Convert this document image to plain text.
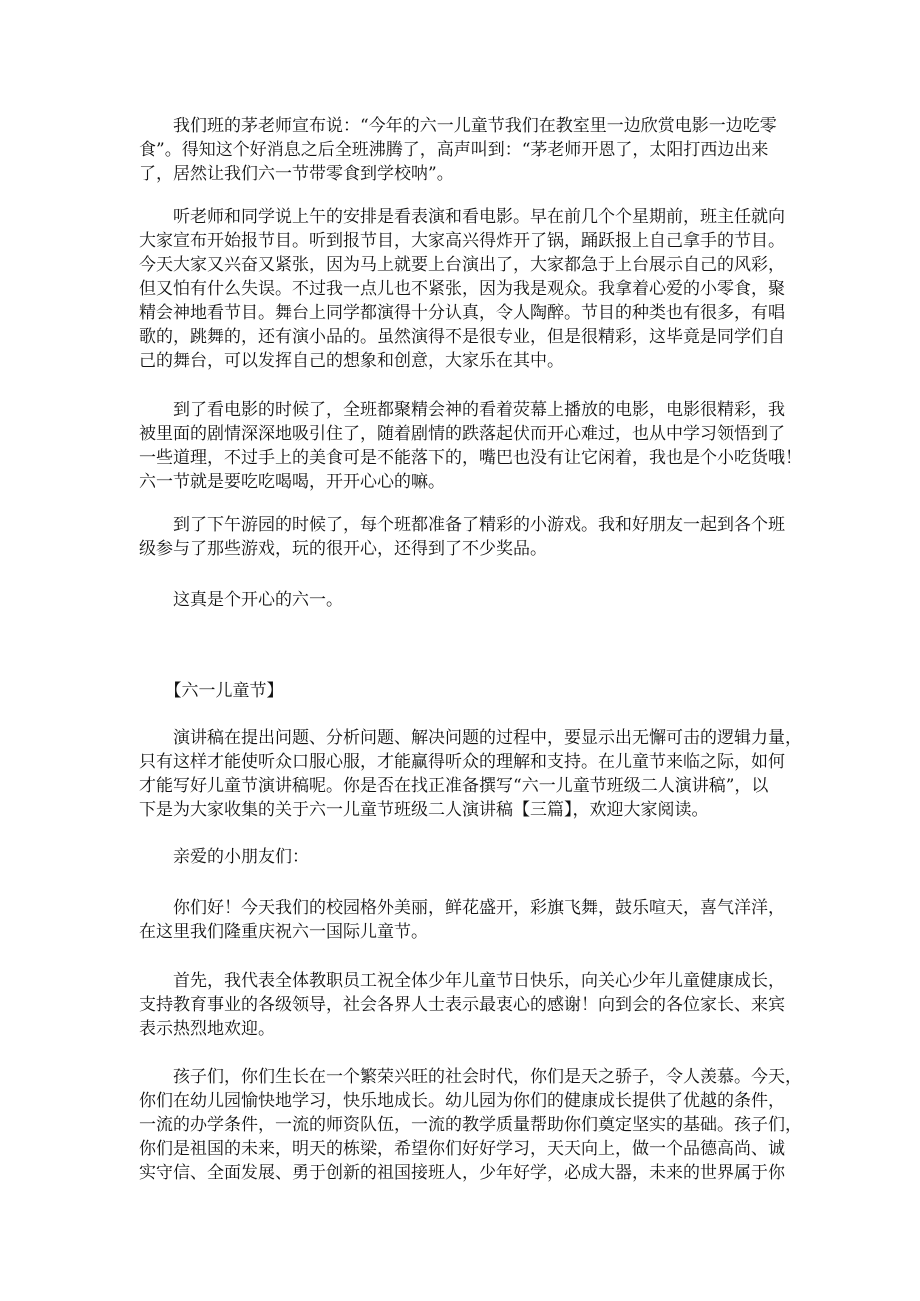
　　我们班的茅老师宣布说：“今年的六一儿童节我们在教室里一边欣赏电影一边吃零
食”。得知这个好消息之后全班沸腾了，高声叫到：“茅老师开恩了，太阳打西边出来
了，居然让我们六一节带零食到学校呐”。
　　听老师和同学说上午的安排是看表演和看电影。早在前几个个星期前，班主任就向
大家宣布开始报节目。听到报节目，大家高兴得炸开了锅，踊跃报上自己拿手的节目。
今天大家又兴奋又紧张，因为马上就要上台演出了，大家都急于上台展示自己的风彩，
但又怕有什么失误。不过我一点儿也不紧张，因为我是观众。我拿着心爱的小零食，聚
精会神地看节目。舞台上同学都演得十分认真，令人陶醉。节目的种类也有很多，有唱
歌的，跳舞的，还有演小品的。虽然演得不是很专业，但是很精彩，这毕竟是同学们自
己的舞台，可以发挥自己的想象和创意，大家乐在其中。
　　到了看电影的时候了，全班都聚精会神的看着荧幕上播放的电影，电影很精彩，我
被里面的剧情深深地吸引住了，随着剧情的跌落起伏而开心难过，也从中学习领悟到了
一些道理，不过手上的美食可是不能落下的，嘴巴也没有让它闲着，我也是个小吃货哦！
六一节就是要吃吃喝喝，开开心心的嘛。
　　到了下午游园的时候了，每个班都准备了精彩的小游戏。我和好朋友一起到各个班
级参与了那些游戏，玩的很开心，还得到了不少奖品。
　　这真是个开心的六一。
　　【六一儿童节】
　　演讲稿在提出问题、分析问题、解决问题的过程中，要显示出无懈可击的逻辑力量，
只有这样才能使听众口服心服，才能赢得听众的理解和支持。在儿童节来临之际，如何
才能写好儿童节演讲稿呢。你是否在找正准备撰写“六一儿童节班级二人演讲稿”，以
下是为大家收集的关于六一儿童节班级二人演讲稿【三篇】，欢迎大家阅读。
　　亲爱的小朋友们：
　　你们好！今天我们的校园格外美丽，鲜花盛开，彩旗飞舞，鼓乐喧天，喜气洋洋，
在这里我们隆重庆祝六一国际儿童节。
　　首先，我代表全体教职员工祝全体少年儿童节日快乐，向关心少年儿童健康成长，
支持教育事业的各级领导，社会各界人士表示最衷心的感谢！向到会的各位家长、来宾
表示热烈地欢迎。
　　孩子们，你们生长在一个繁荣兴旺的社会时代，你们是天之骄子，令人羡慕。今天，
你们在幼儿园愉快地学习，快乐地成长。幼儿园为你们的健康成长提供了优越的条件，
一流的办学条件，一流的师资队伍，一流的教学质量帮助你们奠定坚实的基础。孩子们，
你们是祖国的未来，明天的栋梁，希望你们好好学习，天天向上，做一个品德高尚、诚
实守信、全面发展、勇于创新的祖国接班人，少年好学，必成大器，未来的世界属于你
